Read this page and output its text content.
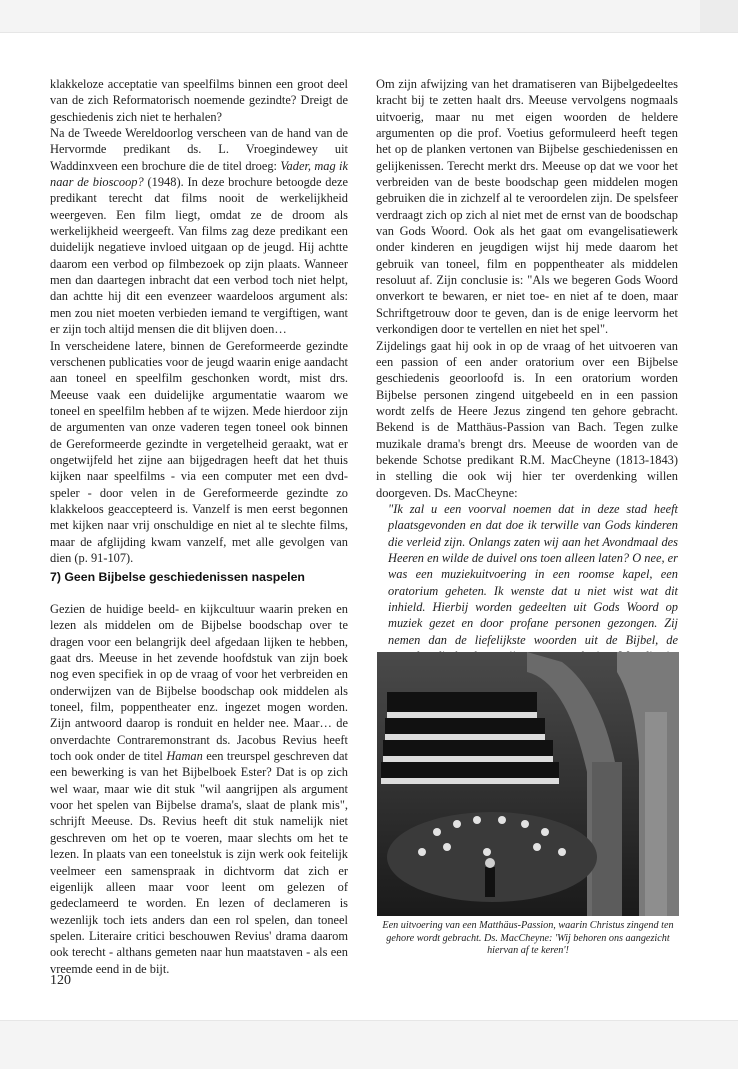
klakkeloze acceptatie van speelfilms binnen een groot deel van de zich Reformatorisch noemende gezindte? Dreigt de geschiedenis zich niet te herhalen?

Na de Tweede Wereldoorlog verscheen van de hand van de Hervormde predikant ds. L. Vroegindewey uit Waddinxveen een brochure die de titel droeg: Vader, mag ik naar de bioscoop? (1948). In deze brochure betoogde deze predikant terecht dat films nooit de werkelijkheid weergeven. Een film liegt, omdat ze de droom als werkelijkheid weergeeft. Van films zag deze predikant een duidelijk negatieve invloed uitgaan op de jeugd. Hij achtte daarom een verbod op filmbezoek op zijn plaats. Wanneer men dan daartegen inbracht dat een verbod toch niet helpt, dan achtte hij dit een evenzeer waardeloos argument als: men zou niet moeten verbieden iemand te vergiftigen, want er zijn toch altijd mensen die dit blijven doen…

In verscheidene latere, binnen de Gereformeerde gezindte verschenen publicaties voor de jeugd waarin enige aandacht aan toneel en speelfilm geschonken wordt, mist drs. Meeuse vaak een duidelijke argumentatie waarom we toneel en speelfilm hebben af te wijzen. Mede hierdoor zijn de argumenten van onze vaderen tegen toneel ook binnen de Gereformeerde gezindte in vergetelheid geraakt, wat er ongetwijfeld het zijne aan bijgedragen heeft dat het thuis kijken naar speelfilms - via een computer met een dvd-speler - door velen in de Gereformeerde gezindte zo klakkeloos geaccepteerd is. Vanzelf is men eerst begonnen met kijken naar vrij onschuldige en niet al te slechte films, maar de afglijding kwam vanzelf, met alle gevolgen van dien (p. 91-107).

7) Geen Bijbelse geschiedenissen naspelen

Gezien de huidige beeld- en kijkcultuur waarin preken en lezen als middelen om de Bijbelse boodschap over te dragen voor een belangrijk deel afgedaan lijken te hebben, gaat drs. Meeuse in het zevende hoofdstuk van zijn boek nog even specifiek in op de vraag of voor het verbreiden en onderwijzen van de Bijbelse boodschap ook middelen als toneel, film, poppentheater enz. ingezet mogen worden. Zijn antwoord daarop is ronduit en helder nee. Maar… de onverdachte Contraremonstrant ds. Jacobus Revius heeft toch ook onder de titel Haman een treurspel geschreven dat een bewerking is van het Bijbelboek Ester? Dat is op zich wel waar, maar wie dit stuk "wil aangrijpen als argument voor het spelen van Bijbelse drama's, slaat de plank mis", schrijft Meeuse. Ds. Revius heeft dit stuk namelijk niet geschreven om het op te voeren, maar slechts om het te lezen. In plaats van een toneelstuk is zijn werk ook feitelijk veelmeer een samenspraak in dichtvorm dat zich er eigenlijk alleen maar voor leent om gelezen of gedeclameerd te worden. En lezen of declameren is wezenlijk toch iets anders dan een rol spelen, dan toneel spelen. Literaire critici beschouwen Revius' drama daarom ook terecht - althans gemeten naar hun maatstaven - als een vreemde eend in de bijt.

Om zijn afwijzing van het dramatiseren van Bijbelgedeeltes kracht bij te zetten haalt drs. Meeuse vervolgens nogmaals uitvoerig, maar nu met eigen woorden de heldere argumenten op die prof. Voetius geformuleerd heeft tegen het op de planken vertonen van Bijbelse geschiedenissen en gelijkenissen. Terecht merkt drs. Meeuse op dat we voor het verbreiden van de beste boodschap geen middelen mogen gebruiken die in zichzelf al te veroordelen zijn. De spelsfeer verdraagt zich op zich al niet met de ernst van de boodschap van Gods Woord. Ook als het gaat om evangelisatiewerk onder kinderen en jeugdigen wijst hij mede daarom het gebruik van toneel, film en poppentheater als middelen resoluut af. Zijn conclusie is: "Als we begeren Gods Woord onverkort te bewaren, er niet toe- en niet af te doen, maar Schriftgetrouw door te geven, dan is de enige leervorm het verkondigen door te vertellen en niet het spel".

Zijdelings gaat hij ook in op de vraag of het uitvoeren van een passion of een ander oratorium over een Bijbelse geschiedenis geoorloofd is. In een oratorium worden Bijbelse personen zingend uitgebeeld en in een passion wordt zelfs de Heere Jezus zingend ten gehore gebracht. Bekend is de Matthäus-Passion van Bach. Tegen zulke muzikale drama's brengt drs. Meeuse de woorden van de bekende Schotse predikant R.M. MacCheyne (1813-1843) in stelling die ook wij hier ter overdenking willen doorgeven. Ds. MacCheyne:

"Ik zal u een voorval noemen dat in deze stad heeft plaatsgevonden en dat doe ik terwille van Gods kinderen die verleid zijn. Onlangs zaten wij aan het Avondmaal des Heeren en wilde de duivel ons toen alleen laten? O nee, er was een muziekuitvoering in een roomse kapel, een oratorium geheten. Ik wenste dat u niet wist wat dit inhield. Hierbij worden gedeelten uit Gods Woord op muziek gezet en door profane personen gezongen. Zij nemen dan de liefelijkste woorden uit de Bijbel, de

Een uitvoering van een Matthäus-Passion, waarin Christus zingend ten gehore wordt gebracht. Ds. MacCheyne: 'Wij behoren ons aangezicht hiervan af te keren'!
120
